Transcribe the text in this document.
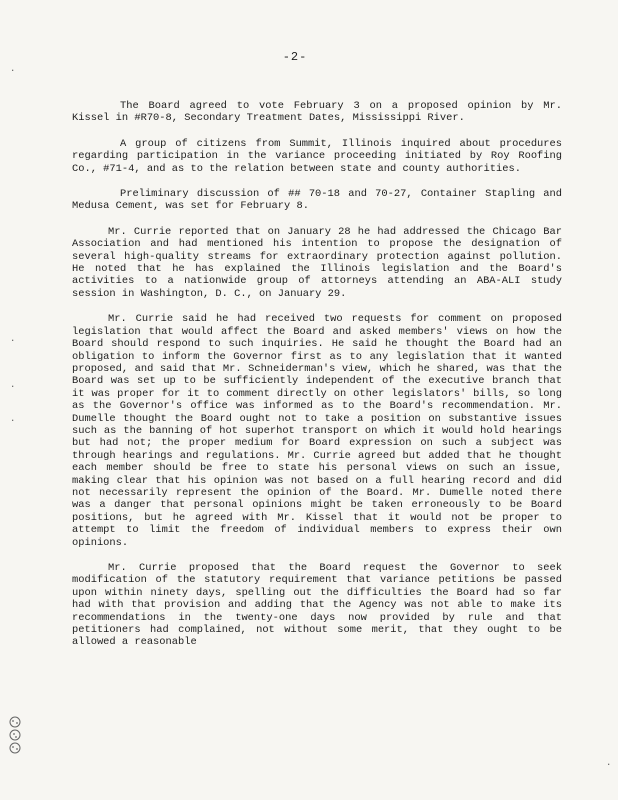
-2-
·
·
·
·
·

The Board agreed to vote February 3 on a proposed opinion by Mr. Kissel in #R70-8, Secondary Treatment Dates, Mississippi River.

A group of citizens from Summit, Illinois inquired about procedures regarding participation in the variance proceeding initiated by Roy Roofing Co., #71-4, and as to the relation between state and county authorities.

Preliminary discussion of ## 70-18 and 70-27, Container Stapling and Medusa Cement, was set for February 8.

Mr. Currie reported that on January 28 he had addressed the Chicago Bar Association and had mentioned his intention to propose the designation of several high-quality streams for extraordinary protection against pollution. He noted that he has explained the Illinois legislation and the Board's activities to a nationwide group of attorneys attending an ABA-ALI study session in Washington, D. C., on January 29.

Mr. Currie said he had received two requests for comment on proposed legislation that would affect the Board and asked members' views on how the Board should respond to such inquiries. He said he thought the Board had an obligation to inform the Governor first as to any legislation that it wanted proposed, and said that Mr. Schneiderman's view, which he shared, was that the Board was set up to be sufficiently independent of the executive branch that it was proper for it to comment directly on other legislators' bills, so long as the Governor's office was informed as to the Board's recommendation. Mr. Dumelle thought the Board ought not to take a position on substantive issues such as the banning of hot superhot transport on which it would hold hearings but had not; the proper medium for Board expression on such a subject was through hearings and regulations. Mr. Currie agreed but added that he thought each member should be free to state his personal views on such an issue, making clear that his opinion was not based on a full hearing record and did not necessarily represent the opinion of the Board. Mr. Dumelle noted there was a danger that personal opinions might be taken erroneously to be Board positions, but he agreed with Mr. Kissel that it would not be proper to attempt to limit the freedom of individual members to express their own opinions.

Mr. Currie proposed that the Board request the Governor to seek modification of the statutory requirement that variance petitions be passed upon within ninety days, spelling out the difficulties the Board had so far had with that provision and adding that the Agency was not able to make its recommendations in the twenty-one days now provided by rule and that petitioners had complained, not without some merit, that they ought to be allowed a reasonable
